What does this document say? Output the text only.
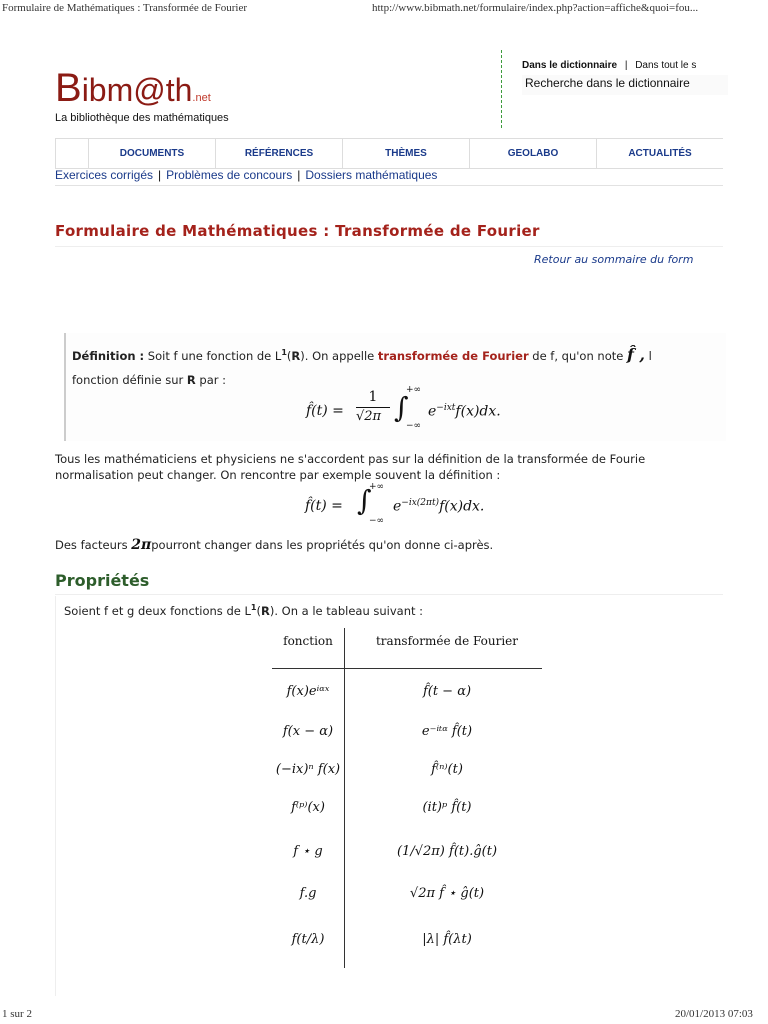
Formulaire de Mathématiques : Transformée de Fourier	http://www.bibmath.net/formulaire/index.php?action=affiche&quoi=fou...
Bibm@th.net
La bibliothèque des mathématiques
Dans le dictionnaire | Dans tout le s
Recherche dans le dictionnaire
DOCUMENTS	RÉFÉRENCES	THÈMES	GEOLABO	ACTUALITÉS
Exercices corrigés | Problèmes de concours | Dossiers mathématiques
Formulaire de Mathématiques : Transformée de Fourier
Retour au sommaire du form
Définition : Soit f une fonction de $L^1(R)$. On appelle transformée de Fourier de f, qu'on note f̂ , l
fonction définie sur R par :
f̂(t) =
1
√2π ∫
+∞
−∞
$e^{-ixt}f(x)dx$.
Tous les mathématiciens et physiciens ne s'accordent pas sur la définition de la transformée de Fourie
normalisation peut changer. On rencontre par exemple souvent la définition :
f̂(t) = ∫
+∞
−∞
$e^{-ix(2\pi t)}f(x)dx$.
Des facteurs 2πpourront changer dans les propriétés qu'on donne ci-après.
Propriétés
Soient f et g deux fonctions de $L^1(R)$. On a le tableau suivant :
fonction	transformée de Fourier
f(x)eⁱᵅˣ	f̂(t − α)
f(x − α)	e⁻ⁱᵗᵅ f̂(t)
(−ix)ⁿ f(x)	f̂⁽ⁿ⁾(t)
f⁽ᵖ⁾(x)	(it)ᵖ f̂(t)
f ⋆ g	(1/√2π) f̂(t).ĝ(t)
f.g	√2π f̂ ⋆ ĝ(t)
f(t/λ)	|λ| f̂(λt)
1 sur 2	20/01/2013 07:03
